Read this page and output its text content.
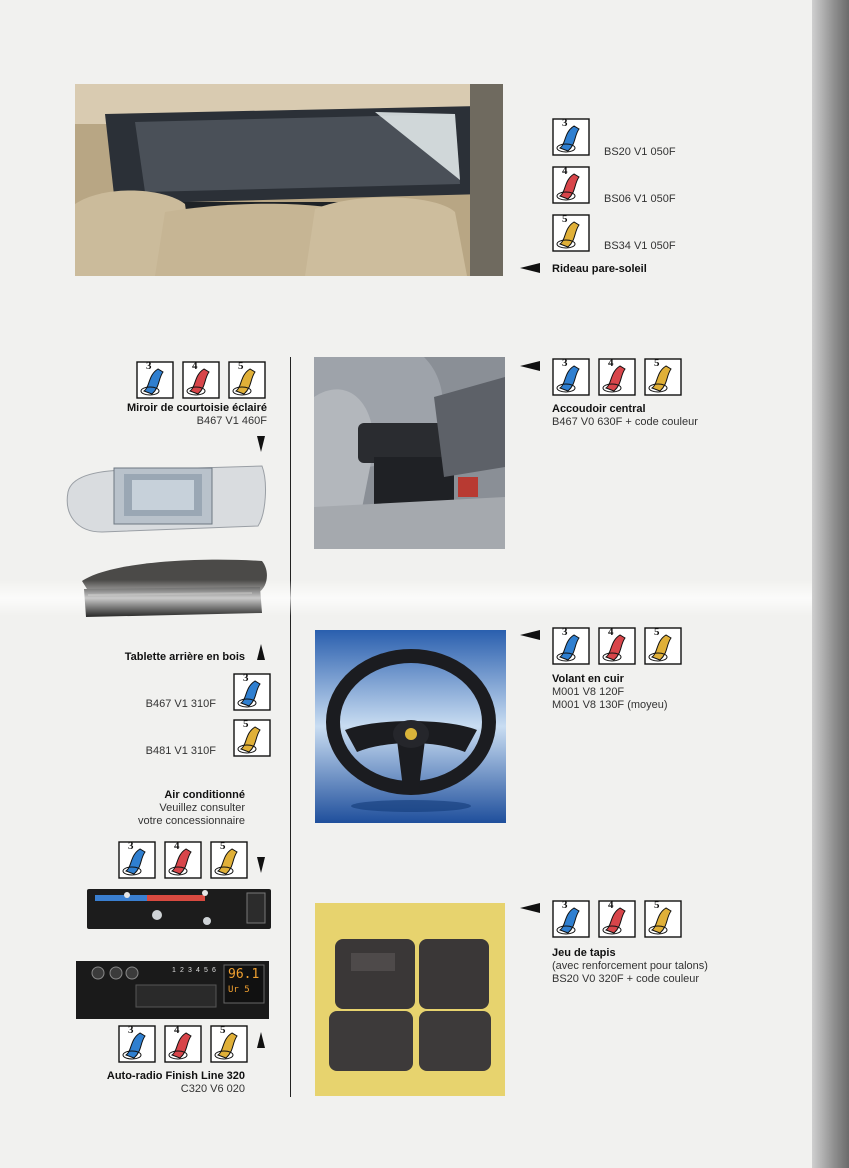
3
BS20 V1 050F
4
BS06 V1 050F
5
BS34 V1 050F
Rideau pare-soleil
3	4	5
Miroir de courtoisie éclairé
B467 V1 460F
Tablette arrière en bois
3
B467 V1 310F
5
B481 V1 310F
Air conditionné
Veuillez consulter
votre concessionnaire
3	4	5
1 2 3 4 5 6 96.1
Ur 5
3	4	5
Auto-radio Finish Line 320
C320 V6 020
3	4	5
Accoudoir central
B467 V0 630F + code couleur
3	4	5
Volant en cuir
M001 V8 120F
M001 V8 130F (moyeu)
3	4	5
Jeu de tapis
(avec renforcement pour talons)
BS20 V0 320F + code couleur
